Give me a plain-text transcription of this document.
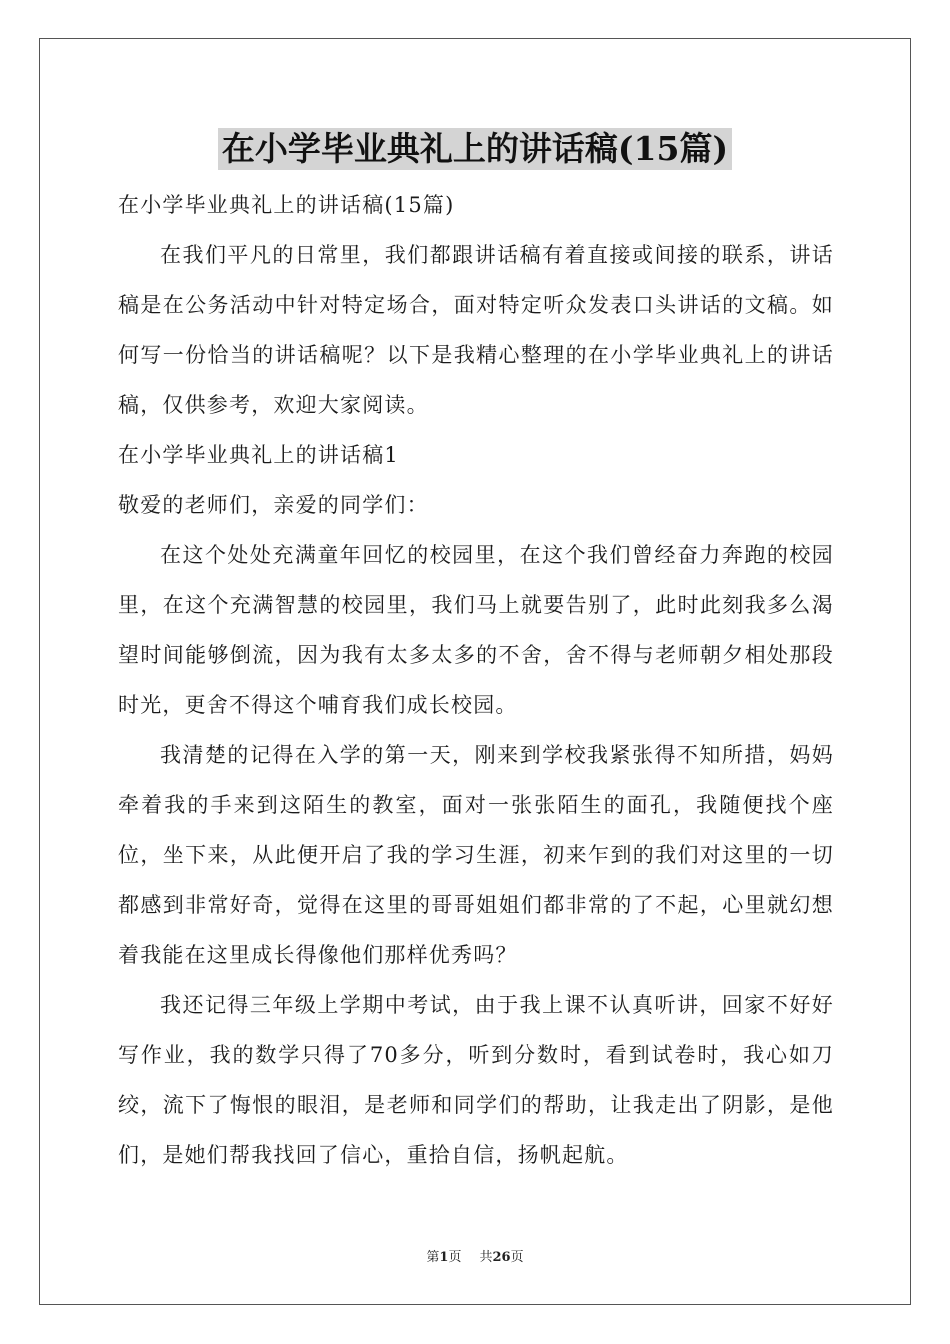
在小学毕业典礼上的讲话稿(15篇)

在小学毕业典礼上的讲话稿(15篇)

在我们平凡的日常里，我们都跟讲话稿有着直接或间接的联系，讲话稿是在公务活动中针对特定场合，面对特定听众发表口头讲话的文稿。如何写一份恰当的讲话稿呢？以下是我精心整理的在小学毕业典礼上的讲话稿，仅供参考，欢迎大家阅读。

在小学毕业典礼上的讲话稿1

敬爱的老师们，亲爱的同学们：

在这个处处充满童年回忆的校园里，在这个我们曾经奋力奔跑的校园里，在这个充满智慧的校园里，我们马上就要告别了，此时此刻我多么渴望时间能够倒流，因为我有太多太多的不舍，舍不得与老师朝夕相处那段时光，更舍不得这个哺育我们成长校园。

我清楚的记得在入学的第一天，刚来到学校我紧张得不知所措，妈妈牵着我的手来到这陌生的教室，面对一张张陌生的面孔，我随便找个座位，坐下来，从此便开启了我的学习生涯，初来乍到的我们对这里的一切都感到非常好奇，觉得在这里的哥哥姐姐们都非常的了不起，心里就幻想着我能在这里成长得像他们那样优秀吗？

我还记得三年级上学期中考试，由于我上课不认真听讲，回家不好好写作业，我的数学只得了70多分，听到分数时，看到试卷时，我心如刀绞，流下了悔恨的眼泪，是老师和同学们的帮助，让我走出了阴影，是他们，是她们帮我找回了信心，重拾自信，扬帆起航。

第1页 共26页
